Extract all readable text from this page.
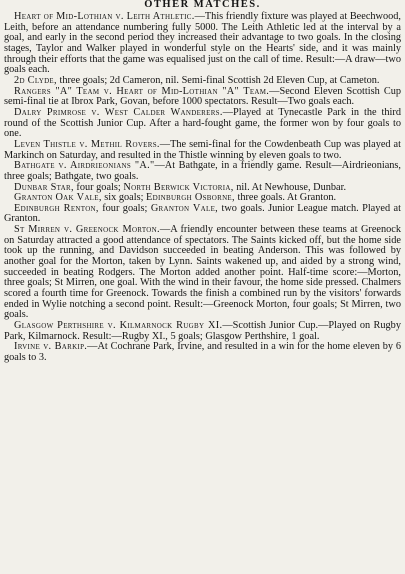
OTHER MATCHES.

Heart of Mid-Lothian v. Leith Athletic.—This friendly fixture was played at Beechwood, Leith, before an attendance numbering fully 5000. The Leith Athletic led at the interval by a goal, and early in the second period they increased their advantage to two goals. In the closing stages, Taylor and Walker played in wonderful style on the Hearts' side, and it was mainly through their efforts that the game was equalised just on the call of time. Result:—A draw—two goals each.

2d Clyde, three goals; 2d Cameron, nil. Semi-final Scottish 2d Eleven Cup, at Cameton.

Rangers "A" Team v. Heart of Mid-Lothian "A" Team.—Second Eleven Scottish Cup semi-final tie at Ibrox Park, Govan, before 1000 spectators. Result—Two goals each.

Dalry Primrose v. West Calder Wanderers.—Played at Tynecastle Park in the third round of the Scottish Junior Cup. After a hard-fought game, the former won by four goals to one.

Leven Thistle v. Methil Rovers.—The semi-final for the Cowdenbeath Cup was played at Markinch on Saturday, and resulted in the Thistle winning by eleven goals to two.

Bathgate v. Airdrieonians "A."—At Bathgate, in a friendly game. Result—Airdrieonians, three goals; Bathgate, two goals.

Dunbar Star, four goals; North Berwick Victoria, nil. At Newhouse, Dunbar.

Granton Oak Vale, six goals; Edinburgh Osborne, three goals. At Granton.

Edinburgh Renton, four goals; Granton Vale, two goals. Junior League match. Played at Granton.

St Mirren v. Greenock Morton.—A friendly encounter between these teams at Greenock on Saturday attracted a good attendance of spectators. The Saints kicked off, but the home side took up the running, and Davidson succeeded in beating Anderson. This was followed by another goal for the Morton, taken by Lynn. Saints wakened up, and aided by a strong wind, succeeded in beating Rodgers. The Morton added another point. Half-time score:—Morton, three goals; St Mirren, one goal. With the wind in their favour, the home side pressed. Chalmers scored a fourth time for Greenock. Towards the finish a combined run by the visitors' forwards ended in Wylie notching a second point. Result:—Greenock Morton, four goals; St Mirren, two goals.

Glasgow Perthshire v. Kilmarnock Rugby XI.—Scottish Junior Cup.—Played on Rugby Park, Kilmarnock. Result:—Rugby XI., 5 goals; Glasgow Perthshire, 1 goal.

Irvine v. Barkip.—At Cochrane Park, Irvine, and resulted in a win for the home eleven by 6 goals to 3.
